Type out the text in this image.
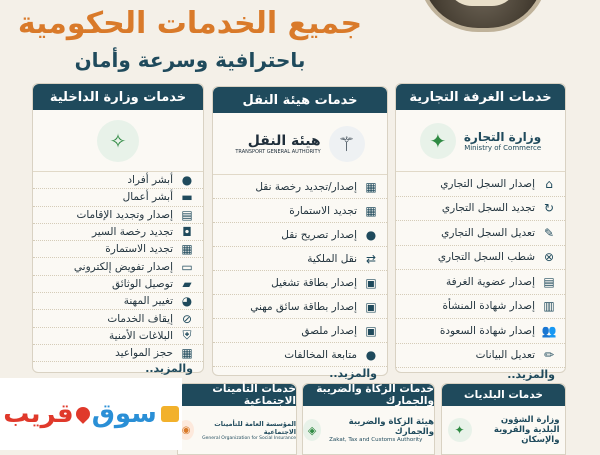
جميع الخدمات الحكومية
باحترافية وسرعة وأمان
خدمات الغرفة التجارية
وزارة التجارة
Ministry of Commerce
✦
⌂
إصدار السجل التجاري
↻
تجديد السجل التجاري
✎
تعديل السجل التجاري
⊗
شطب السجل التجاري
▤
إصدار عضوية الغرفة
▥
إصدار شهادة المنشأة
👥
إصدار شهادة السعودة
✏
تعديل البيانات
والمزيد..
خدمات هيئة النقل
⚚
هيئة النقل
TRANSPORT GENERAL AUTHORITY
▦
إصدار/تجديد رخصة نقل
▦
تجديد الاستمارة
●
إصدار تصريح نقل
⇄
نقل الملكية
▣
إصدار بطاقة تشغيل
▣
إصدار بطاقة سائق مهني
▣
إصدار ملصق
●
متابعة المخالفات
والمزيد..
خدمات وزارة الداخلية
✧
●
أبشر أفراد
▬
أبشر أعمال
▤
إصدار وتجديد الإقامات
◘
تجديد رخصة السير
▦
تجديد الاستمارة
▭
إصدار تفويض إلكتروني
▰
توصيل الوثائق
◕
تغيير المهنة
⊘
إيقاف الخدمات
⛨
البلاغات الأمنية
▦
حجز المواعيد
والمزيد..
خدمات البلديات
وزارة الشؤون البلدية والقروية والإسكان
✦
خدمات الزكاة والضريبة والجمارك
هيئة الزكاة والضريبة والجمارك
Zakat, Tax and Customs Authority
◈
خدمات التأمينات الاجتماعية
المؤسسة العامة للتأمينات الاجتماعية
General Organization for Social Insurance
◉
سوق
قريب
